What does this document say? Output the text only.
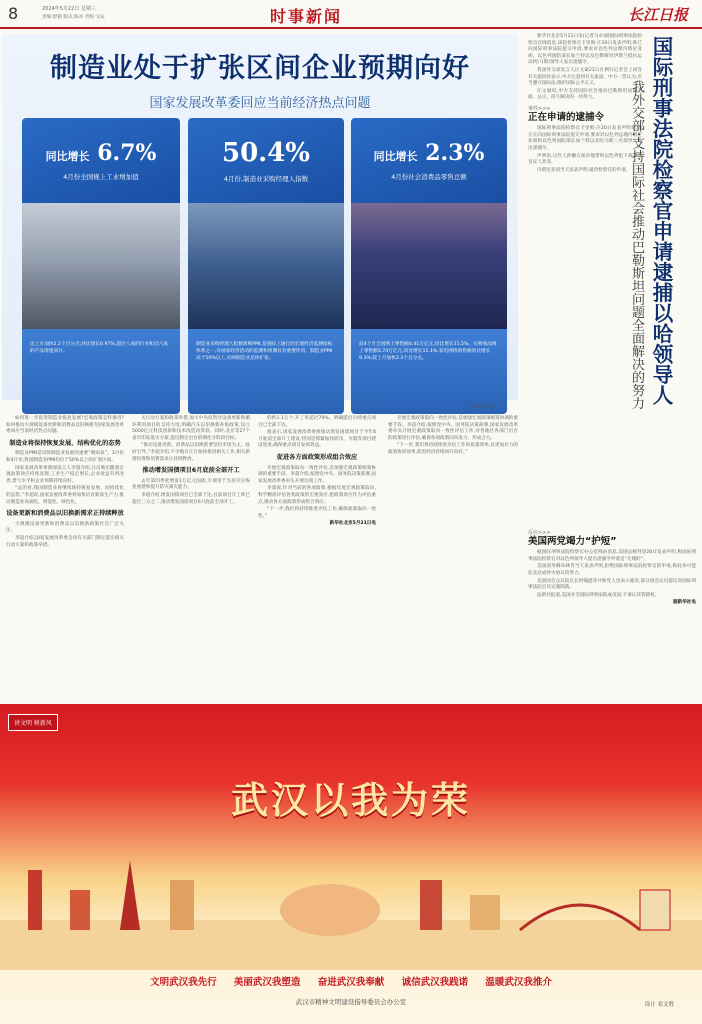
8	2024年5月22日 星期三
责编:舒鹤 版式:陈亦 责校:文辰	时事新闻	长江日报
制造业处于扩张区间企业预期向好
国家发展改革委回应当前经济热点问题
同比增长 6.7%
4月份全国规上工业增加值
比上月加快2.2个百分点;环比增长0.97%,超过八成的行业和近六成的产品增速回升。
50.4%
4月份,制造业采购经理人指数
制造业采购经理人指数简称PMI,是国际上通行的宏观经济监测指标体系之一,对国家经济活动的监测和预测具有重要作用。制造业PMI高于50%以上,反映制造业总体扩张。
同比增长 2.3%
4月份社会消费品零售总额
前4个月全国网上零售额4.41万亿元,同比增长11.5%。实物商品网上零售额3.74万亿元,同比增长11.1%,家电网络销售额同比增长9.3%,较上月加快2.3个百分点。
来源:新华社

如何进一步促进制造业恢复发展?宏观政策怎样推进?如何推动大规模设备更新和消费品以旧换新?国家发展改革委回应当前经济热点问题。

制造业将保持恢复发展、结构优化的态势

制造业PMI是反映制造业发展的重要“晴雨表”。3月份和4月份,我国制造业PMI均位于50%以上的扩张区间。

国家发展改革委新闻发言人李超介绍,这反映出随着宏观政策效应持续显现,工业生产稳定增长,企业效益有所改善,景气水平和企业预期持续向好。

“总的看,我国制造业将继续保持恢复发展、结构优化的态势。”李超说,国家发展改革委将加快培育新质生产力,推动制造业高端化、智能化、绿色化。

设备更新和消费品以旧换新需求正持续释放

大规模设备更新和消费品以旧换新政策社会广泛关注。

李超介绍,国家发展改革委会同有关部门制定落实相关行动方案和政策举措。

关行动方案和政策举措,加大中央投资对设备更新和循环利用项目的支持力度,明确汽车以旧换新补贴政策,设立5000亿元科技创新和技术改造再贷款。同时,北京等27个省市印发落实方案,提出制定出台的细化分阶段目标。

“推动设备更新、消费品以旧换新要坚持市场为主、政府引导。”李超介绍,不少地方正在加快推进相关工作,相关新增投资和消费需求正持续释放。

推动增发国债项目6月底前全部开工

去年第四季度增发1万亿元国债,专项用于支持灾后恢复重建和提升防灾减灾能力。

李超介绍,增发国债项目已全部下达,目前项目开工率已超过三分之二,推动增发国债项目6月底前全部开工。

的约1.1万个,开工率超过70%。明确提出后续重点项目已全部下达。

他表示,国家发展改革委将推动增发国债项目于今年6月底前全部开工建设,特别是抓紧加快防汛、水毁等项目建设进度,确保重点项目发挥效益。

促进各方面政策形成组合效应

开展宏观政策取向一致性评估,是加强宏观政策统筹协调的重要手段。李超介绍,按照党中央、国务院决策部署,国家发展改革委牵头开展这项工作。

李超说,针对当前的各项政策,根据年度宏观政策取向,科学精准评估各类政策的宏观效应,把政策效应作为评估重点,推动各方面政策形成组合效应。

“下一步,我们将持续推进评估工作,确保政策取向一致性。”

新华社北京5月21日电

开展宏观政策取向一致性评估,是加强宏观政策统筹协调的重要手段。李超介绍,按照党中央、国务院决策部署,国家发展改革委牵头开展宏观政策取向一致性评估工作,对各地区各部门出台的政策进行评估,确保各项政策同向发力、形成合力。

“下一步,我们将持续推进评估工作的质量效率,以更加有力的政策协同效果,促进经济持续回升向好。”

新华社北京5月21日电(记者马卓)据国际刑事法院检察官官网消息,该院检察官卡里姆·汗20日发表声明,称已向国际刑事法院提交申请,要求对以色列总理内塔尼亚胡、以色列国防部长加兰特以及巴勒斯坦伊斯兰抵抗运动(哈马斯)领导人发出逮捕令。

我国外交部发言人汪文斌21日在例行记者会上回答有关提问时表示,中方注意到有关报道。中方一贯认为,应当遵守国际法,维护国际公平正义。

汪文斌说,中方支持国际社会推动巴勒斯坦问题全面、公正、持久解决的一切努力。

事件>>>
正在申请的逮捕令

国际刑事法院检察官卡里姆·汗20日发表声明说,他正在向国际刑事法院提交申请,要求对以色列总理内塔尼亚胡和以色列国防部长加兰特以及哈马斯三名领导人发出逮捕令。

声明说,这些人涉嫌在加沙地带和以色列犯下战争罪及反人类罪。

内塔尼亚胡当天发表声明,谴责检察官的申请。 国际刑事法院检察官申请逮捕以哈领导人
我外交部:支持国际社会推动巴勒斯坦问题全面解决的努力
反应>>>
美国两党竭力“护短”

据国际刑事法院检察官办公室网站消息,美国总统拜登20日发表声明,称国际刑事法院检察官对以色列领导人提出逮捕令申请是“无理的”。

美国国务卿布林肯当天发表声明,拒绝国际刑事法院检察官的申请,称此举可能危及达成停火协议的努力。

美国国会众议院议长约翰逊等共和党人也表示谴责,部分国会议员提议对国际刑事法院官员实施制裁。

法新社报道,美国并非国际刑事法院成员国,不承认其管辖权。

据新华社电

讲文明 树新风
武汉以我为荣
文明武汉我先行 美丽武汉我塑造 奋进武汉我奉献 诚信武汉我践诺 温暖武汉我推介
武汉市精神文明建设指导委员会办公室	设计 邓文胜
